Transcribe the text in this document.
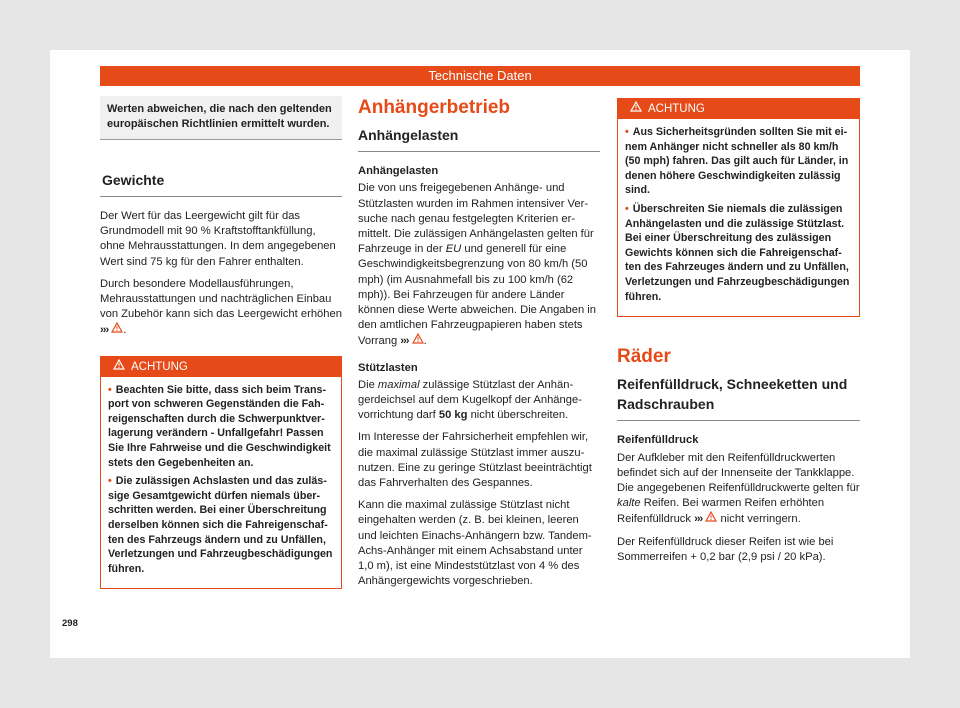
Technische Daten
Werten abweichen, die nach den geltenden europäischen Richtlinien ermittelt wurden.
Gewichte

Der Wert für das Leergewicht gilt für das Grundmodell mit 90 % Kraftstofftankfüllung, ohne Mehrausstattungen. In dem angegebenen Wert sind 75 kg für den Fahrer enthalten.

Durch besondere Modellausführungen, Mehrausstattungen und nachträglichen Einbau von Zubehör kann sich das Leergewicht erhöhen ››› .

ACHTUNG
• Beachten Sie bitte, dass sich beim Transport von schweren Gegenständen die Fahreigenschaften durch die Schwerpunktverlagerung verändern - Unfallgefahr! Passen Sie Ihre Fahrweise und die Geschwindigkeit stets den Gegebenheiten an.
• Die zulässigen Achslasten und das zulässige Gesamtgewicht dürfen niemals überschritten werden. Bei einer Überschreitung derselben können sich die Fahreigenschaften des Fahrzeugs ändern und zu Unfällen, Verletzungen und Fahrzeugbeschädigungen führen.
Anhängerbetrieb
Anhängelasten
Anhängelasten

Die von uns freigegebenen Anhänge- und Stützlasten wurden im Rahmen intensiver Versuche nach genau festgelegten Kriterien ermittelt. Die zulässigen Anhängelasten gelten für Fahrzeuge in der EU und generell für eine Geschwindigkeitsbegrenzung von 80 km/h (50 mph) (im Ausnahmefall bis zu 100 km/h (62 mph)). Bei Fahrzeugen für andere Länder können diese Werte abweichen. Die Angaben in den amtlichen Fahrzeugpapieren haben stets Vorrang ››› .

Stützlasten

Die maximal zulässige Stützlast der Anhängerdeichsel auf dem Kugelkopf der Anhängevorrichtung darf 50 kg nicht überschreiten.

Im Interesse der Fahrsicherheit empfehlen wir, die maximal zulässige Stützlast immer auszunutzen. Eine zu geringe Stützlast beeinträchtigt das Fahrverhalten des Gespannes.

Kann die maximal zulässige Stützlast nicht eingehalten werden (z. B. bei kleinen, leeren und leichten Einachs-Anhängern bzw. Tandem-Achs-Anhänger mit einem Achsabstand unter 1,0 m), ist eine Mindeststützlast von 4 % des Anhängergewichts vorgeschrieben.

ACHTUNG
• Aus Sicherheitsgründen sollten Sie mit einem Anhänger nicht schneller als 80 km/h (50 mph) fahren. Das gilt auch für Länder, in denen höhere Geschwindigkeiten zulässig sind.
• Überschreiten Sie niemals die zulässigen Anhängelasten und die zulässige Stützlast. Bei einer Überschreitung des zulässigen Gewichts können sich die Fahreigenschaften des Fahrzeuges ändern und zu Unfällen, Verletzungen und Fahrzeugbeschädigungen führen.
Räder
Reifenfülldruck, Schneeketten und Radschrauben
Reifenfülldruck

Der Aufkleber mit den Reifenfülldruckwerten befindet sich auf der Innenseite der Tankklappe. Die angegebenen Reifenfülldruckwerte gelten für kalte Reifen. Bei warmen Reifen erhöhten Reifenfülldruck ››› nicht verringern.

Der Reifenfülldruck dieser Reifen ist wie bei Sommerreifen + 0,2 bar (2,9 psi / 20 kPa).

298
